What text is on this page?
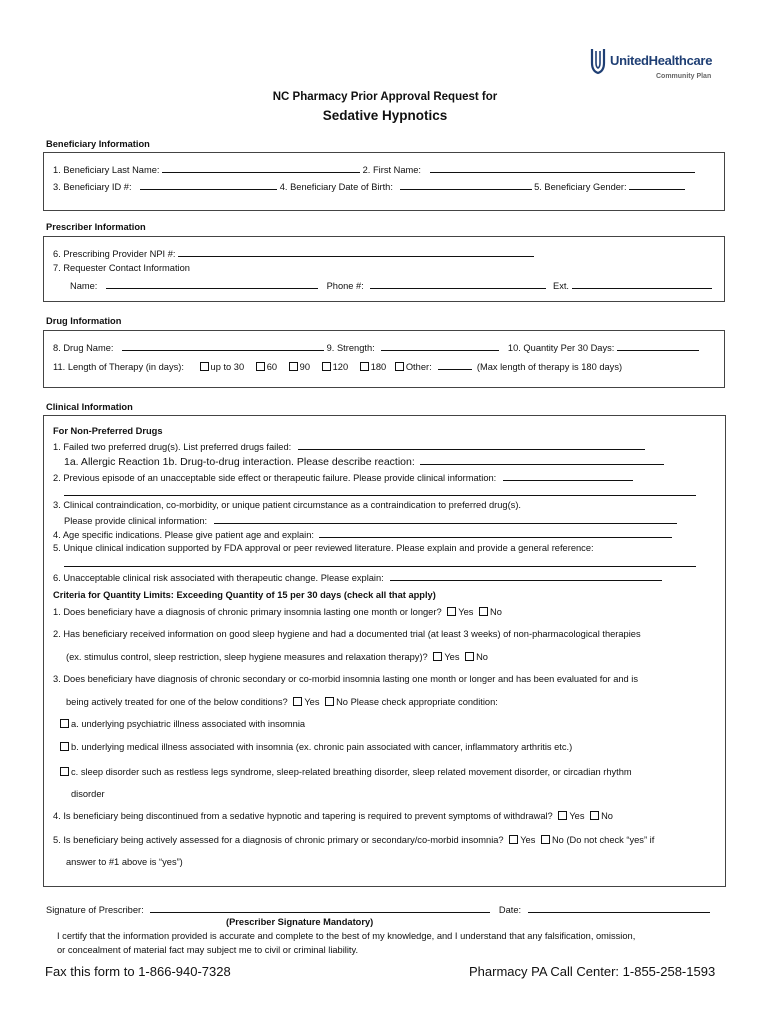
UnitedHealthcare
Community Plan
NC Pharmacy Prior Approval Request for
Sedative Hypnotics
Beneficiary Information
1. Beneficiary Last Name:	2. First Name:
3. Beneficiary ID #:	4. Beneficiary Date of Birth:	5. Beneficiary Gender:
Prescriber Information
6. Prescribing Provider NPI #:
7. Requester Contact Information
Name:	Phone #:	Ext.
Drug Information
8. Drug Name:	9. Strength:	10. Quantity Per 30 Days:
11. Length of Therapy (in days):	up to 30 60 90 120 180 Other:	(Max length of therapy is 180 days)
Clinical Information
For Non-Preferred Drugs
1. Failed two preferred drug(s). List preferred drugs failed:
1a. Allergic Reaction 1b. Drug-to-drug interaction. Please describe reaction:
2. Previous episode of an unacceptable side effect or therapeutic failure. Please provide clinical information:
3. Clinical contraindication, co-morbidity, or unique patient circumstance as a contraindication to preferred drug(s).
Please provide clinical information:
4. Age specific indications. Please give patient age and explain:
5. Unique clinical indication supported by FDA approval or peer reviewed literature. Please explain and provide a general reference:
6. Unacceptable clinical risk associated with therapeutic change. Please explain:
Criteria for Quantity Limits: Exceeding Quantity of 15 per 30 days (check all that apply)
1. Does beneficiary have a diagnosis of chronic primary insomnia lasting one month or longer? Yes No
2. Has beneficiary received information on good sleep hygiene and had a documented trial (at least 3 weeks) of non-pharmacological therapies
(ex. stimulus control, sleep restriction, sleep hygiene measures and relaxation therapy)? Yes No
3. Does beneficiary have diagnosis of chronic secondary or co-morbid insomnia lasting one month or longer and has been evaluated for and is
being actively treated for one of the below conditions? Yes No Please check appropriate condition:
a. underlying psychiatric illness associated with insomnia
b. underlying medical illness associated with insomnia (ex. chronic pain associated with cancer, inflammatory arthritis etc.)
c. sleep disorder such as restless legs syndrome, sleep-related breathing disorder, sleep related movement disorder, or circadian rhythm
disorder
4. Is beneficiary being discontinued from a sedative hypnotic and tapering is required to prevent symptoms of withdrawal? Yes No
5. Is beneficiary being actively assessed for a diagnosis of chronic primary or secondary/co-morbid insomnia? Yes No (Do not check “yes” if
answer to #1 above is “yes”)
Signature of Prescriber:	Date:
(Prescriber Signature Mandatory)
I certify that the information provided is accurate and complete to the best of my knowledge, and I understand that any falsification, omission,
or concealment of material fact may subject me to civil or criminal liability.
Fax this form to 1-866-940-7328	Pharmacy PA Call Center: 1-855-258-1593
